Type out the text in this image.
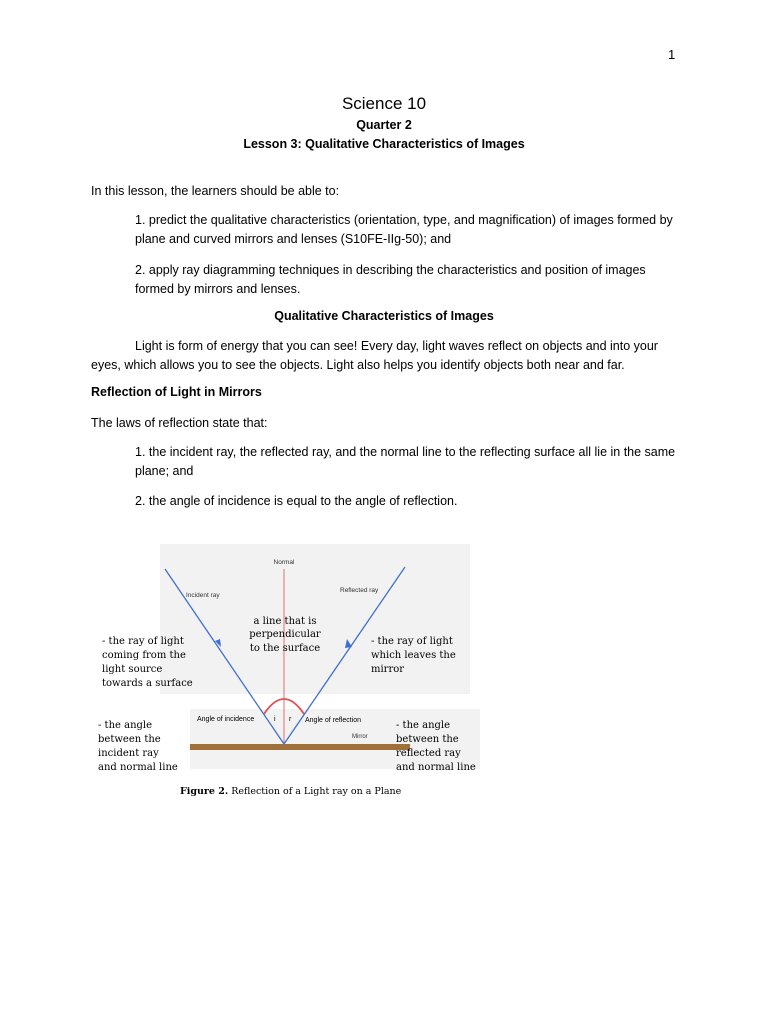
1
Science 10
Quarter 2
Lesson 3: Qualitative Characteristics of Images
In this lesson, the learners should be able to:
1. predict the qualitative characteristics (orientation, type, and magnification) of images formed by plane and curved mirrors and lenses (S10FE-IIg-50); and
2. apply ray diagramming techniques in describing the characteristics and position of images formed by mirrors and lenses.
Qualitative Characteristics of Images
Light is form of energy that you can see! Every day, light waves reflect on objects and into your eyes, which allows you to see the objects. Light also helps you identify objects both near and far.
Reflection of Light in Mirrors
The laws of reflection state that:
1. the incident ray, the reflected ray, and the normal line to the reflecting surface all lie in the same plane; and
2. the angle of incidence is equal to the angle of reflection.
Normal
Incident ray
Reflected ray
a line that is
perpendicular
to the surface
- the ray of light
coming from the
light source
towards a surface
- the ray of light
which leaves the
mirror
Angle of incidence	i r Angle of reflection
Mirror
- the angle
between the
incident ray
and normal line
- the angle
between the
reflected ray
and normal line
Figure 2. Reflection of a Light ray on a Plane
